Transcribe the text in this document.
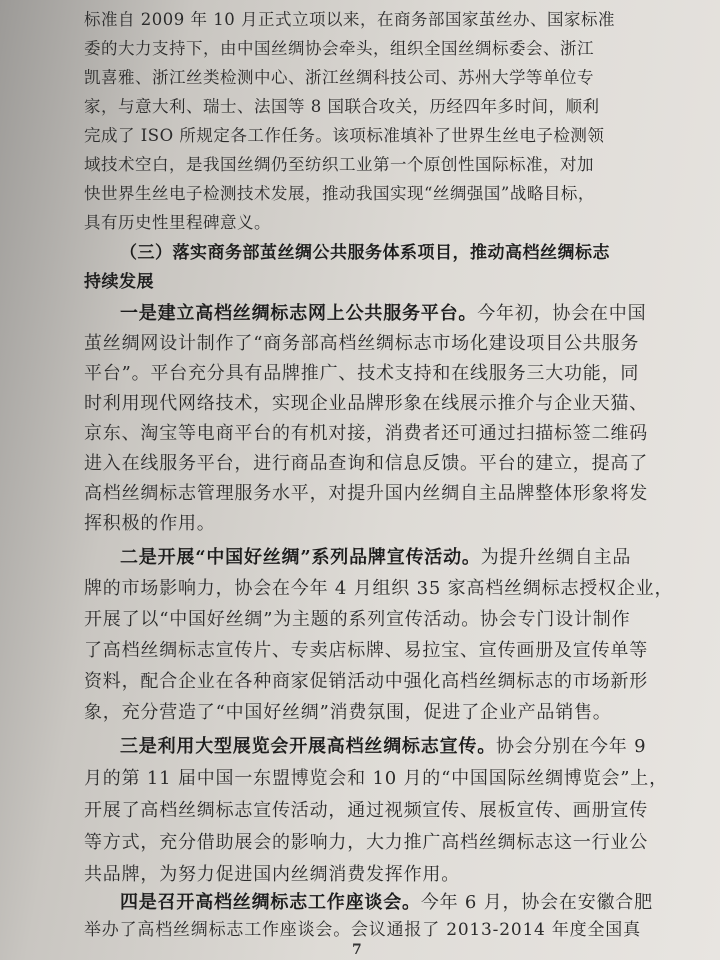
标准自 2009 年 10 月正式立项以来，在商务部国家茧丝办、国家标准
委的大力支持下，由中国丝绸协会牵头，组织全国丝绸标委会、浙江
凯喜雅、浙江丝类检测中心、浙江丝绸科技公司、苏州大学等单位专
家，与意大利、瑞士、法国等 8 国联合攻关，历经四年多时间，顺利
完成了 ISO 所规定各工作任务。该项标准填补了世界生丝电子检测领
域技术空白，是我国丝绸仍至纺织工业第一个原创性国际标准，对加
快世界生丝电子检测技术发展，推动我国实现“丝绸强国”战略目标，
具有历史性里程碑意义。
（三）落实商务部茧丝绸公共服务体系项目，推动高档丝绸标志
持续发展
一是建立高档丝绸标志网上公共服务平台。今年初，协会在中国
茧丝绸网设计制作了“商务部高档丝绸标志市场化建设项目公共服务
平台”。平台充分具有品牌推广、技术支持和在线服务三大功能，同
时利用现代网络技术，实现企业品牌形象在线展示推介与企业天猫、
京东、淘宝等电商平台的有机对接，消费者还可通过扫描标签二维码
进入在线服务平台，进行商品查询和信息反馈。平台的建立，提高了
高档丝绸标志管理服务水平，对提升国内丝绸自主品牌整体形象将发
挥积极的作用。
二是开展“中国好丝绸”系列品牌宣传活动。为提升丝绸自主品
牌的市场影响力，协会在今年 4 月组织 35 家高档丝绸标志授权企业，
开展了以“中国好丝绸”为主题的系列宣传活动。协会专门设计制作
了高档丝绸标志宣传片、专卖店标牌、易拉宝、宣传画册及宣传单等
资料，配合企业在各种商家促销活动中强化高档丝绸标志的市场新形
象，充分营造了“中国好丝绸”消费氛围，促进了企业产品销售。
三是利用大型展览会开展高档丝绸标志宣传。协会分别在今年 9
月的第 11 届中国一东盟博览会和 10 月的“中国国际丝绸博览会”上，
开展了高档丝绸标志宣传活动，通过视频宣传、展板宣传、画册宣传
等方式，充分借助展会的影响力，大力推广高档丝绸标志这一行业公
共品牌，为努力促进国内丝绸消费发挥作用。
四是召开高档丝绸标志工作座谈会。今年 6 月，协会在安徽合肥
7
举办了高档丝绸标志工作座谈会。会议通报了 2013-2014 年度全国真
